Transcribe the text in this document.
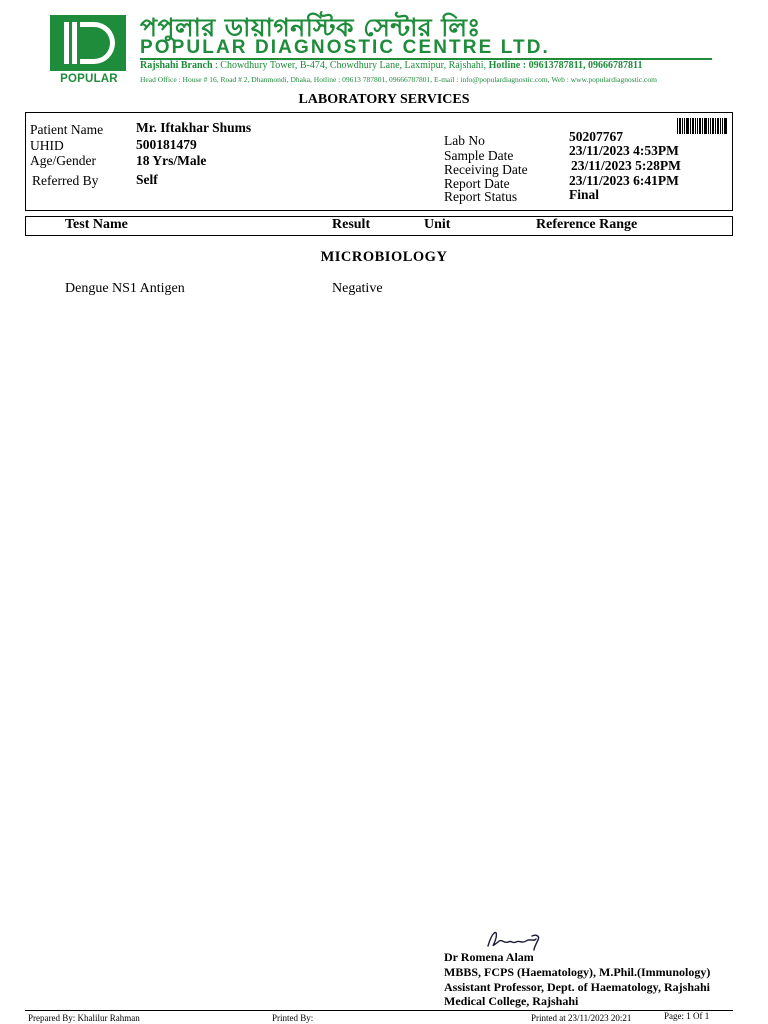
POPULAR
পপুলার ডায়াগনস্টিক সেন্টার লিঃ
POPULAR DIAGNOSTIC CENTRE LTD.
Rajshahi Branch : Chowdhury Tower, B-474, Chowdhury Lane, Laxmipur, Rajshahi, Hotline : 09613787811, 09666787811
Head Office : House # 16, Road # 2, Dhanmondi, Dhaka, Hotline : 09613 787801, 09666787801, E-mail : info@populardiagnostic.com, Web : www.populardiagnostic.com
LABORATORY SERVICES
Patient Name Mr. Iftakhar Shums
UHID	500181479
Age/Gender	18 Yrs/Male
Referred By	Self
Lab No	50207767
Sample Date	23/11/2023 4:53PM
Receiving Date	23/11/2023 5:28PM
Report Date	23/11/2023 6:41PM
Report Status	Final
Test Name	Result	Unit	Reference Range
MICROBIOLOGY
Dengue NS1 Antigen	Negative
Dr Romena Alam
MBBS, FCPS (Haematology), M.Phil.(Immunology)
Assistant Professor, Dept. of Haematology, Rajshahi
Medical College, Rajshahi
Prepared By: Khalilur Rahman	Printed By:	Printed at 23/11/2023 20:21	Page: 1 Of 1
